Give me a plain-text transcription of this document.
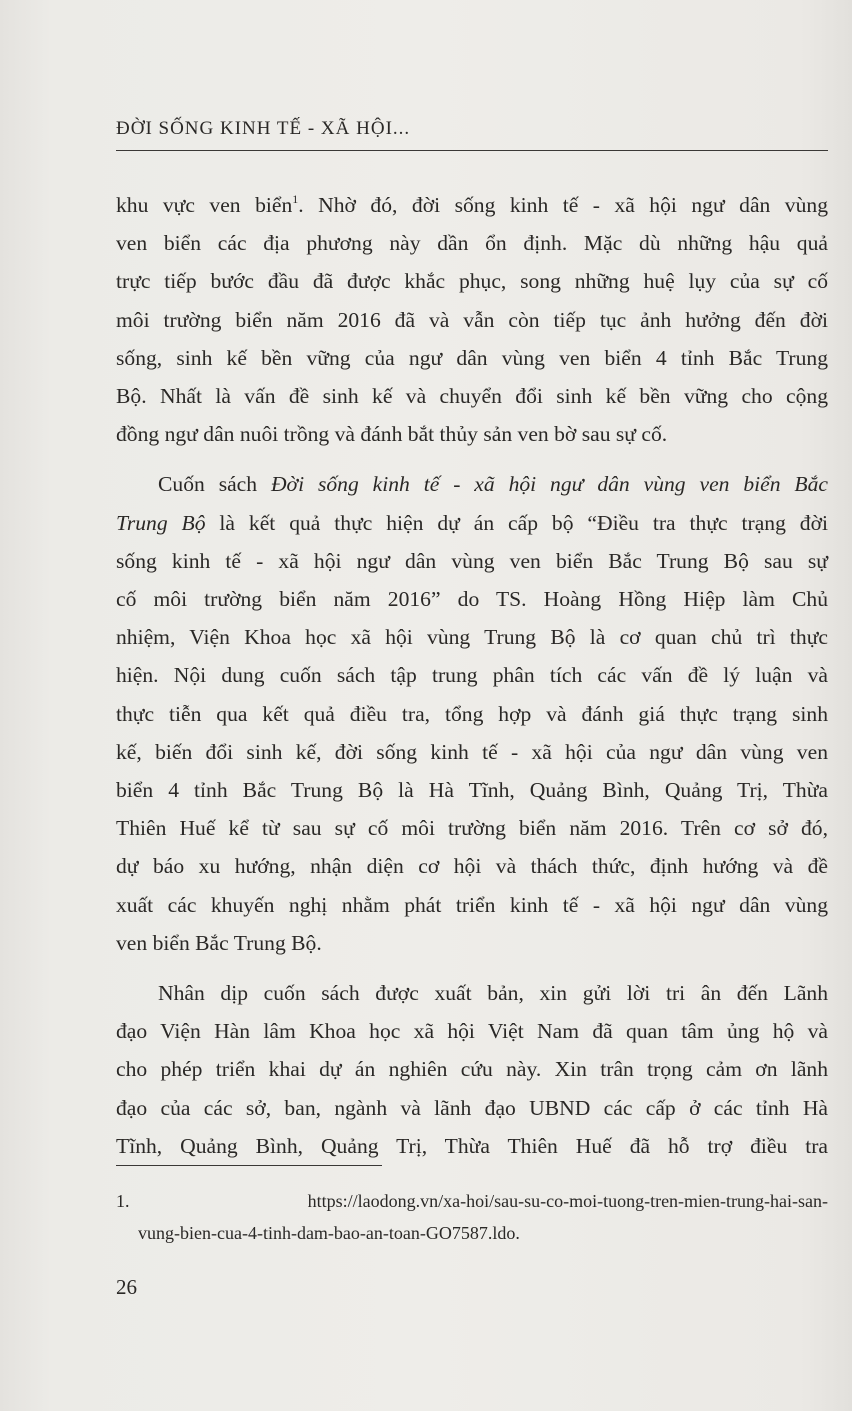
ĐỜI SỐNG KINH TẾ - XÃ HỘI...
khu vực ven biển$^1$. Nhờ đó, đời sống kinh tế - xã hội ngư dân vùng
ven biển các địa phương này dần ổn định. Mặc dù những hậu quả
trực tiếp bước đầu đã được khắc phục, song những huệ lụy của sự cố
môi trường biển năm 2016 đã và vẫn còn tiếp tục ảnh hưởng đến đời
sống, sinh kế bền vững của ngư dân vùng ven biển 4 tỉnh Bắc Trung
Bộ. Nhất là vấn đề sinh kế và chuyển đổi sinh kế bền vững cho cộng
đồng ngư dân nuôi trồng và đánh bắt thủy sản ven bờ sau sự cố.
Cuốn sách Đời sống kinh tế - xã hội ngư dân vùng ven biển Bắc
Trung Bộ là kết quả thực hiện dự án cấp bộ “Điều tra thực trạng đời
sống kinh tế - xã hội ngư dân vùng ven biển Bắc Trung Bộ sau sự
cố môi trường biển năm 2016” do TS. Hoàng Hồng Hiệp làm Chủ
nhiệm, Viện Khoa học xã hội vùng Trung Bộ là cơ quan chủ trì thực
hiện. Nội dung cuốn sách tập trung phân tích các vấn đề lý luận và
thực tiễn qua kết quả điều tra, tổng hợp và đánh giá thực trạng sinh
kế, biến đổi sinh kế, đời sống kinh tế - xã hội của ngư dân vùng ven
biển 4 tỉnh Bắc Trung Bộ là Hà Tĩnh, Quảng Bình, Quảng Trị, Thừa
Thiên Huế kể từ sau sự cố môi trường biển năm 2016. Trên cơ sở đó,
dự báo xu hướng, nhận diện cơ hội và thách thức, định hướng và đề
xuất các khuyến nghị nhằm phát triển kinh tế - xã hội ngư dân vùng
ven biển Bắc Trung Bộ.
Nhân dịp cuốn sách được xuất bản, xin gửi lời tri ân đến Lãnh
đạo Viện Hàn lâm Khoa học xã hội Việt Nam đã quan tâm ủng hộ và
cho phép triển khai dự án nghiên cứu này. Xin trân trọng cảm ơn lãnh
đạo của các sở, ban, ngành và lãnh đạo UBND các cấp ở các tỉnh Hà
Tĩnh, Quảng Bình, Quảng Trị, Thừa Thiên Huế đã hỗ trợ điều tra
1. https://laodong.vn/xa-hoi/sau-su-co-moi-tuong-tren-mien-trung-hai-san-
vung-bien-cua-4-tinh-dam-bao-an-toan-GO7587.ldo.
26
